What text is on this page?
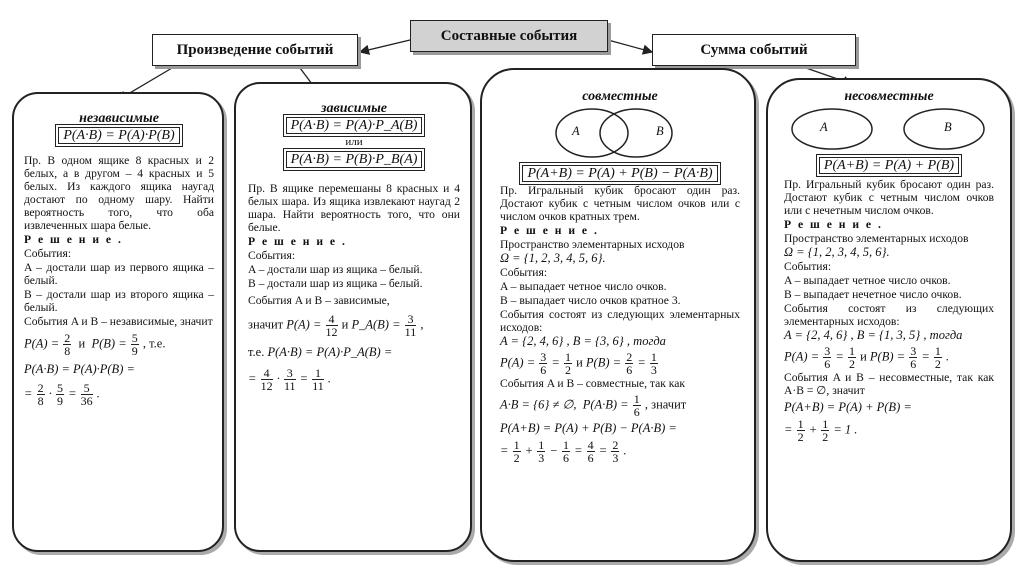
Составные события
Произведение событий	Сумма событий
независимые
P(A·B) = P(A)·P(B)

Пр. В одном ящике 8 красных и 2 белых, а в другом – 4 красных и 5 белых. Из каждого ящика наугад достают по одному шару. Найти вероятность того, что оба извлеченных шара белые.

Р е ш е н и е .

События:

A – достали шар из первого ящика – белый.

B – достали шар из второго ящика – белый.

События A и B – независимые, значит

$P(A) = \frac{2}{8}$ и $P(B) = \frac{5}{9}$ , т.е.

P(A·B) = P(A)·P(B) =

= $\frac{2}{8} \cdot \frac{5}{9} = \frac{5}{36}$ .

зависимые
P(A·B) = P(A)·P_A(B)
или
P(A·B) = P(B)·P_B(A)

Пр. В ящике перемешаны 8 красных и 4 белых шара. Из ящика извлекают наугад 2 шара. Найти вероятность того, что они белые.

Р е ш е н и е .

События:

A – достали шар из ящика – белый.

B – достали шар из ящика – белый.

События A и B – зависимые,

значит $P(A) = \frac{4}{12}$ и P_A(B) = $\frac{3}{11}$ ,

т.е. P(A·B) = P(A)·P_A(B) =

= $\frac{4}{12} \cdot \frac{3}{11} = \frac{1}{11}$ .

совместные
A	B
P(A+B) = P(A) + P(B) − P(A·B)

Пр. Игральный кубик бросают один раз. Достают кубик с четным числом очков или с числом очков кратных трем.

Р е ш е н и е .

Пространство элементарных исходов

Ω = {1, 2, 3, 4, 5, 6}.

События:

A – выпадает четное число очков.

B – выпадает число очков кратное 3.

События состоят из следующих элементарных исходов:

A = {2, 4, 6} , B = {3, 6} , тогда

$P(A) = \frac{3}{6} = \frac{1}{2}$ и $P(B) = \frac{2}{6} = \frac{1}{3}$

События A и B – совместные, так как

A·B = {6} ≠ ∅, $P(A\cdot B) = \frac{1}{6}$ , значит

P(A+B) = P(A) + P(B) − P(A·B) =

= $\frac{1}{2} + \frac{1}{3} - \frac{1}{6} = \frac{4}{6} = \frac{2}{3}$ .

несовместные
A	B
P(A+B) = P(A) + P(B)

Пр. Игральный кубик бросают один раз. Достают кубик с четным числом очков или с нечетным числом очков.

Р е ш е н и е .

Пространство элементарных исходов

Ω = {1, 2, 3, 4, 5, 6}.

События:

A – выпадает четное число очков.

B – выпадает нечетное число очков.

События состоят из следующих элементарных исходов:

A = {2, 4, 6} , B = {1, 3, 5} , тогда

$P(A) = \frac{3}{6} = \frac{1}{2}$ и $P(B) = \frac{3}{6} = \frac{1}{2}$ .

События A и B – несовместные, так как A·B = ∅, значит

P(A+B) = P(A) + P(B) =

= $\frac{1}{2} + \frac{1}{2} = 1$ .
